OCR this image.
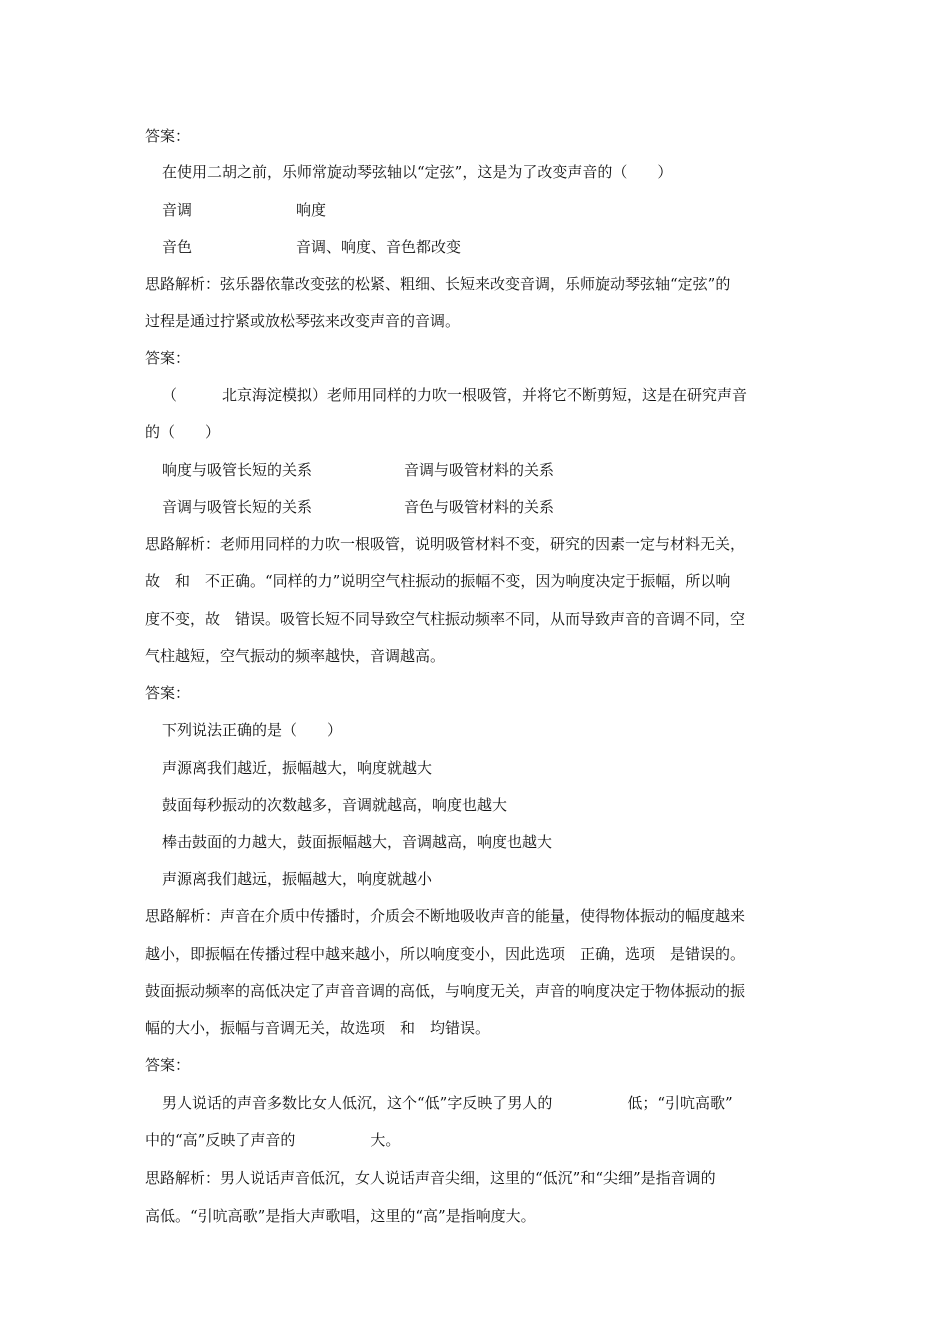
答案：
在使用二胡之前，乐师常旋动琴弦轴以“定弦”，这是为了改变声音的（　　）
音调	响度
音色	音调、响度、音色都改变
思路解析：弦乐器依靠改变弦的松紧、粗细、长短来改变音调，乐师旋动琴弦轴“定弦”的
过程是通过拧紧或放松琴弦来改变声音的音调。
答案：
（　　　北京海淀模拟）老师用同样的力吹一根吸管，并将它不断剪短，这是在研究声音
的（　　）
响度与吸管长短的关系	音调与吸管材料的关系
音调与吸管长短的关系	音色与吸管材料的关系
思路解析：老师用同样的力吹一根吸管，说明吸管材料不变，研究的因素一定与材料无关，
故　和　不正确。“同样的力”说明空气柱振动的振幅不变，因为响度决定于振幅，所以响
度不变，故　错误。吸管长短不同导致空气柱振动频率不同，从而导致声音的音调不同，空
气柱越短，空气振动的频率越快，音调越高。
答案：
下列说法正确的是（　　）
声源离我们越近，振幅越大，响度就越大
鼓面每秒振动的次数越多，音调就越高，响度也越大
棒击鼓面的力越大，鼓面振幅越大，音调越高，响度也越大
声源离我们越远，振幅越大，响度就越小
思路解析：声音在介质中传播时，介质会不断地吸收声音的能量，使得物体振动的幅度越来
越小，即振幅在传播过程中越来越小，所以响度变小，因此选项　正确，选项　是错误的。
鼓面振动频率的高低决定了声音音调的高低，与响度无关，声音的响度决定于物体振动的振
幅的大小，振幅与音调无关，故选项　和　均错误。
答案：
男人说话的声音多数比女人低沉，这个“低”字反映了男人的　　　　　低；“引吭高歌”
中的“高”反映了声音的　　　　　大。
思路解析：男人说话声音低沉，女人说话声音尖细，这里的“低沉”和“尖细”是指音调的
高低。“引吭高歌”是指大声歌唱，这里的“高”是指响度大。
